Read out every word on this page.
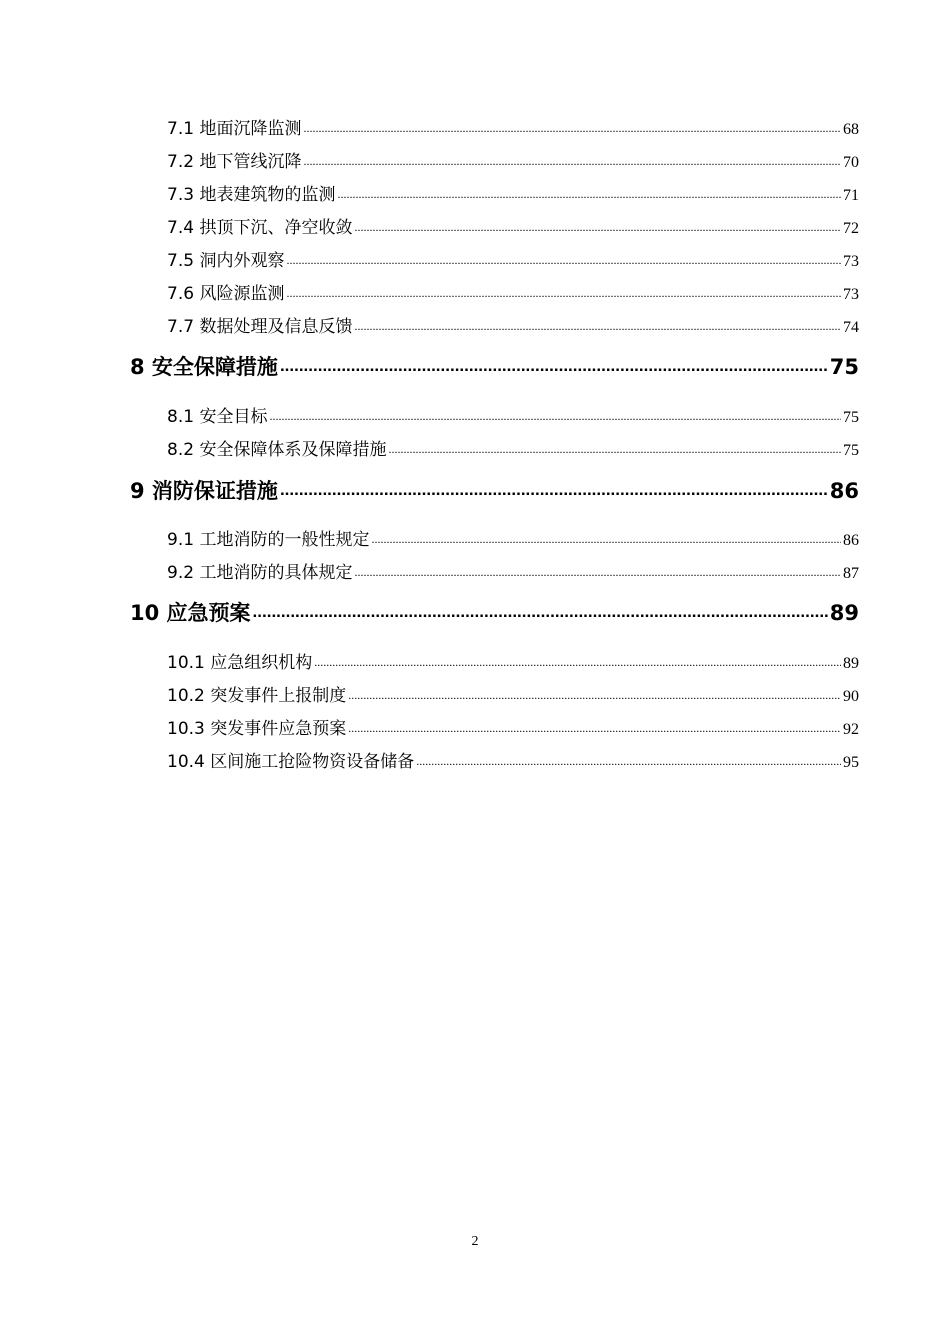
7.1 地面沉降监测 .....	68
7.2 地下管线沉降 .....	70
7.3 地表建筑物的监测 .....	71
7.4 拱顶下沉、净空收敛 .....	72
7.5 洞内外观察 .....	73
7.6 风险源监测 .....	73
7.7 数据处理及信息反馈 .....	74
8 安全保障措施 .....	75
8.1 安全目标 .....	75
8.2 安全保障体系及保障措施 .....	75
9 消防保证措施 .....	86
9.1 工地消防的一般性规定 .....	86
9.2 工地消防的具体规定 .....	87
10 应急预案 .....	89
10.1 应急组织机构 .....	89
10.2 突发事件上报制度 .....	90
10.3 突发事件应急预案 .....	92
10.4 区间施工抢险物资设备储备 .....	95
2
